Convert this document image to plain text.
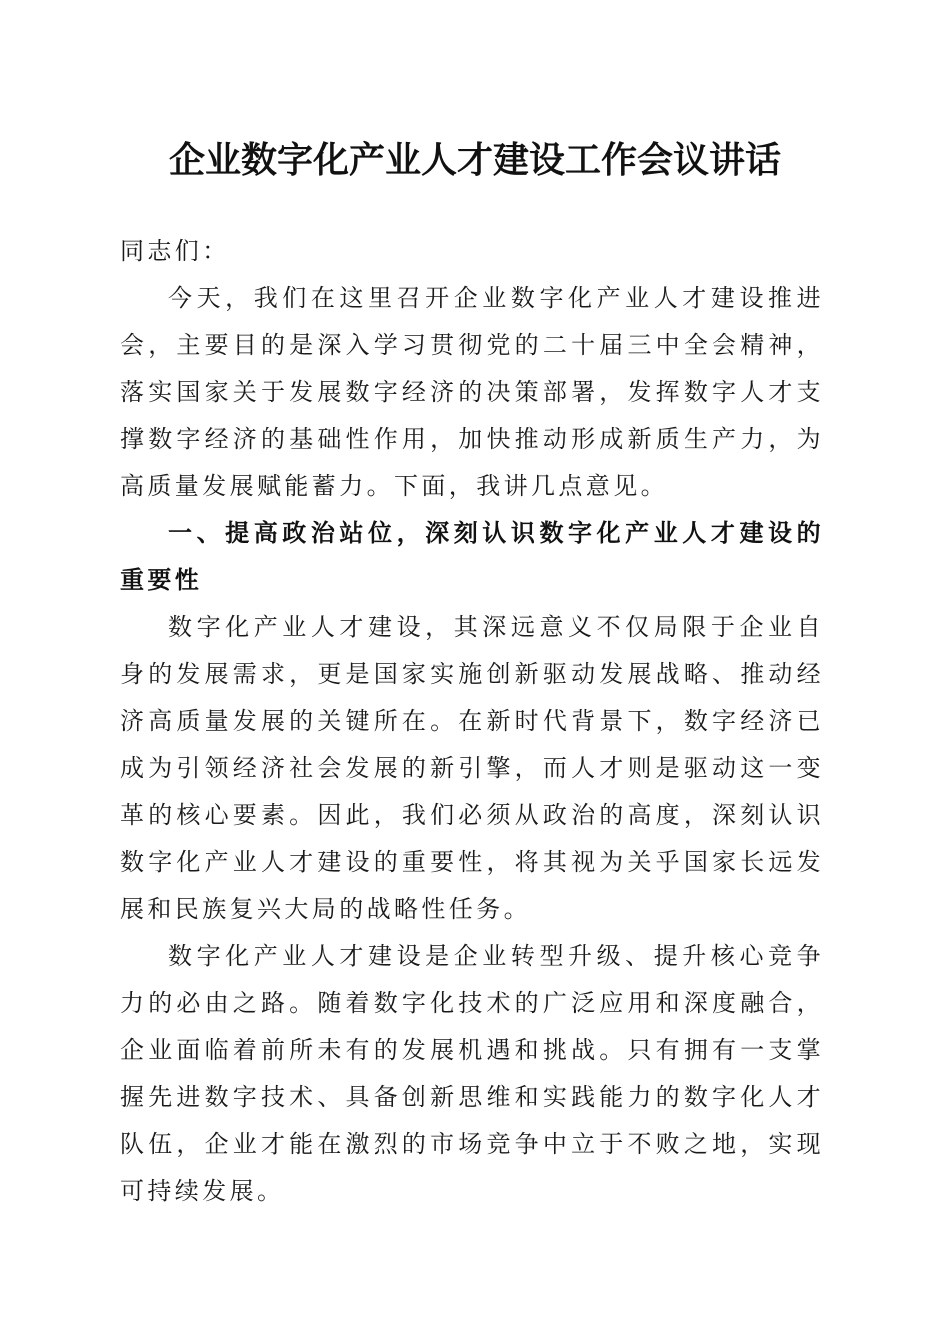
企业数字化产业人才建设工作会议讲话

同志们：

今天，我们在这里召开企业数字化产业人才建设推进会，主要目的是深入学习贯彻党的二十届三中全会精神，落实国家关于发展数字经济的决策部署，发挥数字人才支撑数字经济的基础性作用，加快推动形成新质生产力，为高质量发展赋能蓄力。下面，我讲几点意见。

一、提高政治站位，深刻认识数字化产业人才建设的重要性

数字化产业人才建设，其深远意义不仅局限于企业自身的发展需求，更是国家实施创新驱动发展战略、推动经济高质量发展的关键所在。在新时代背景下，数字经济已成为引领经济社会发展的新引擎，而人才则是驱动这一变革的核心要素。因此，我们必须从政治的高度，深刻认识数字化产业人才建设的重要性，将其视为关乎国家长远发展和民族复兴大局的战略性任务。

数字化产业人才建设是企业转型升级、提升核心竞争力的必由之路。随着数字化技术的广泛应用和深度融合，企业面临着前所未有的发展机遇和挑战。只有拥有一支掌握先进数字技术、具备创新思维和实践能力的数字化人才队伍，企业才能在激烈的市场竞争中立于不败之地，实现可持续发展。
